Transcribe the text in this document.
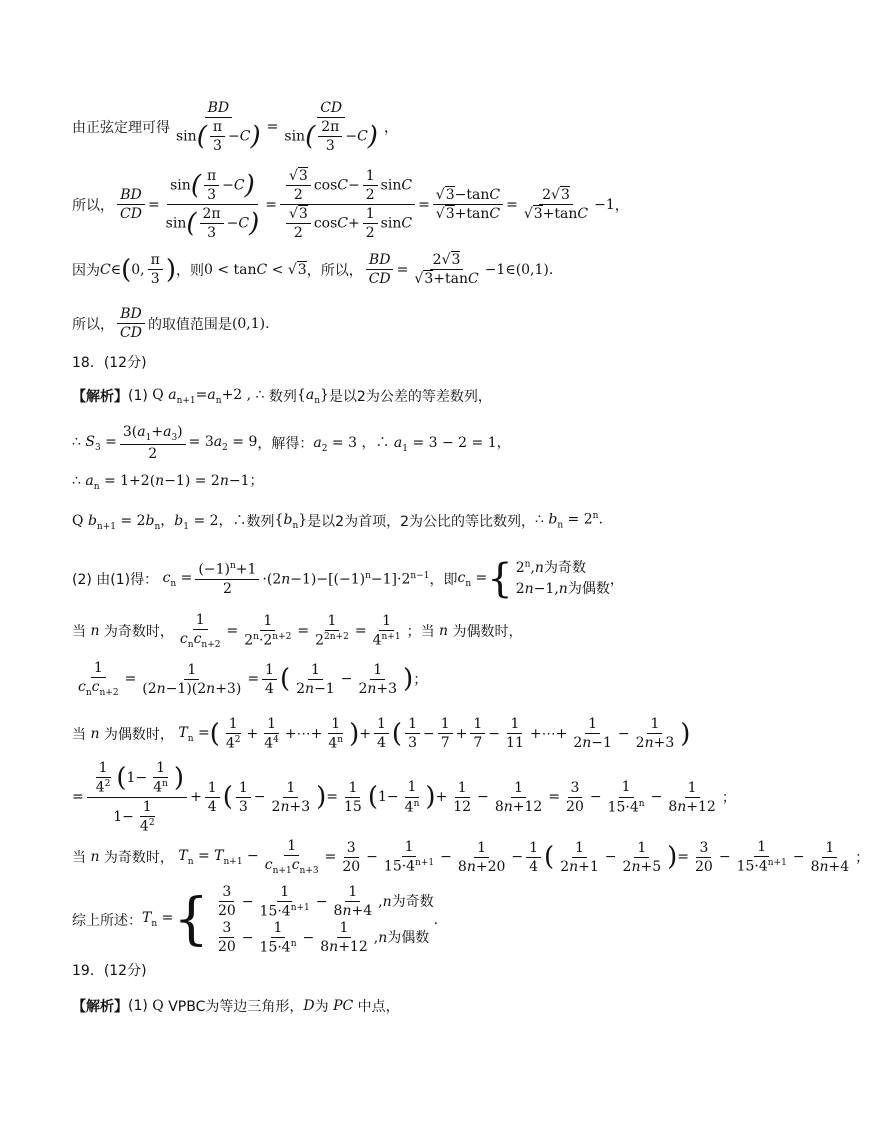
由正弦定理可得 $\frac{BD}{\sin( \frac{\pi}{3} -C)} = \frac{CD}{\sin( \frac{2\pi}{3} -C)}$ ，
所以，
BD
CD
=
$\sin( \frac{\pi}{3} -C)$
$\sin( \frac{2\pi}{3} -C)$
=
$\frac{√3}{2} \cos C- \frac{1}{2}$ sinC
$\frac{√3}{2} \cos C+ \frac{1}{2}$ sinC
=
√3−tanC
√3+tanC
=
2√3
√3+tanC
−1 ，
因为 C ∈ ( 0,
π
3 ) ，则 0 < tanC < √3 ，所以，
BD
CD
=
2√3
√3+tanC
−1∈(0,1).
所以，
BD
CD
的取值范围是 (0,1).
18．(12分)
【解析】 (1) Q $a_{n+1}=a_n+2$ , ∴ 数列 $\{a_n\}$ 是以2为公差的等差数列，
∴ $S_3 = \frac{3(a_1+a_3)}{2} = 3a_2 = 9$ ，解得： $a_2 = 3$ ，∴ $a_1 = 3 - 2 = 1$，
∴ $a_n = 1+2(n-1) = 2n-1$；
Q $b_{n+1} = 2b_n$，$b_1 = 2$，∴ 数列 $\{b_n\}$ 是以2为首项，2为公比的等比数列， ∴ $b_n = 2^n$.
(2) 由(1)得： $c_n = \frac{(-1)^n+1}{2} \cdot(2n-1)-[(-1)^n-1]\cdot 2^{n-1}$ ，即 $c_n$ = { 2$^n$,n为奇数
2n−1,n为偶数
，
当 n 为奇数时，
1
$c_nc_{n+2}$
=
1
$2^n\cdot 2^{n+2}$ =
1
$2^{2n+2}$ =
1
$4^{n+1}$ ； 当 n 为偶数时，
1
$c_nc_{n+2}$
=
1
(2n−1)(2n+3)
=
1
4 ( 1
2n−1
−
1
2n+3 ) ；
当 n 为偶数时， $T_n$ = ( 1
$4^2$ +
1
$4^4$ +⋯+
1
4$^n$ ) +
1
4 ( 1
3
−
1
7
+
1
7
−
1
11
+⋯+
1
2n−1
−
1
2n+3 )
= $\frac{\frac{1}{4^2} (1- \frac{1}{4^n} )}{1- \frac{1}{4^2}}$ +
1
4 ( 1
3
−
1
2n+3 ) =
1
15 ( 1−
1
4$^n$ ) +
1
12
−
1
8n+12
=
3
20
−
1
$15\cdot 4^n$ −
1
8n+12
；
当 n 为奇数时， $T_n = T_{n+1} - \frac{1}{c_{n+1}c_{n+3}}$ =
3
20
−
1
$15\cdot 4^{n+1}$ −
1
8n+20
−
1
4 ( 1
2n+1
−
1
2n+5 ) =
3
20
−
1
$15\cdot 4^{n+1}$ −
1
8n+4
；
综上所述： $T_n$ = { $\frac{3}{20} - \frac{1}{15\cdot 4^{n+1}} - \frac{1}{8n+4} ,n$为奇数
$\frac{3}{20} - \frac{1}{15\cdot 4^n} - \frac{1}{8n+12} ,n$为偶数
.
19．(12分)
【解析】 (1) Q VPBC为等边三角形， D 为 PC 中点，
